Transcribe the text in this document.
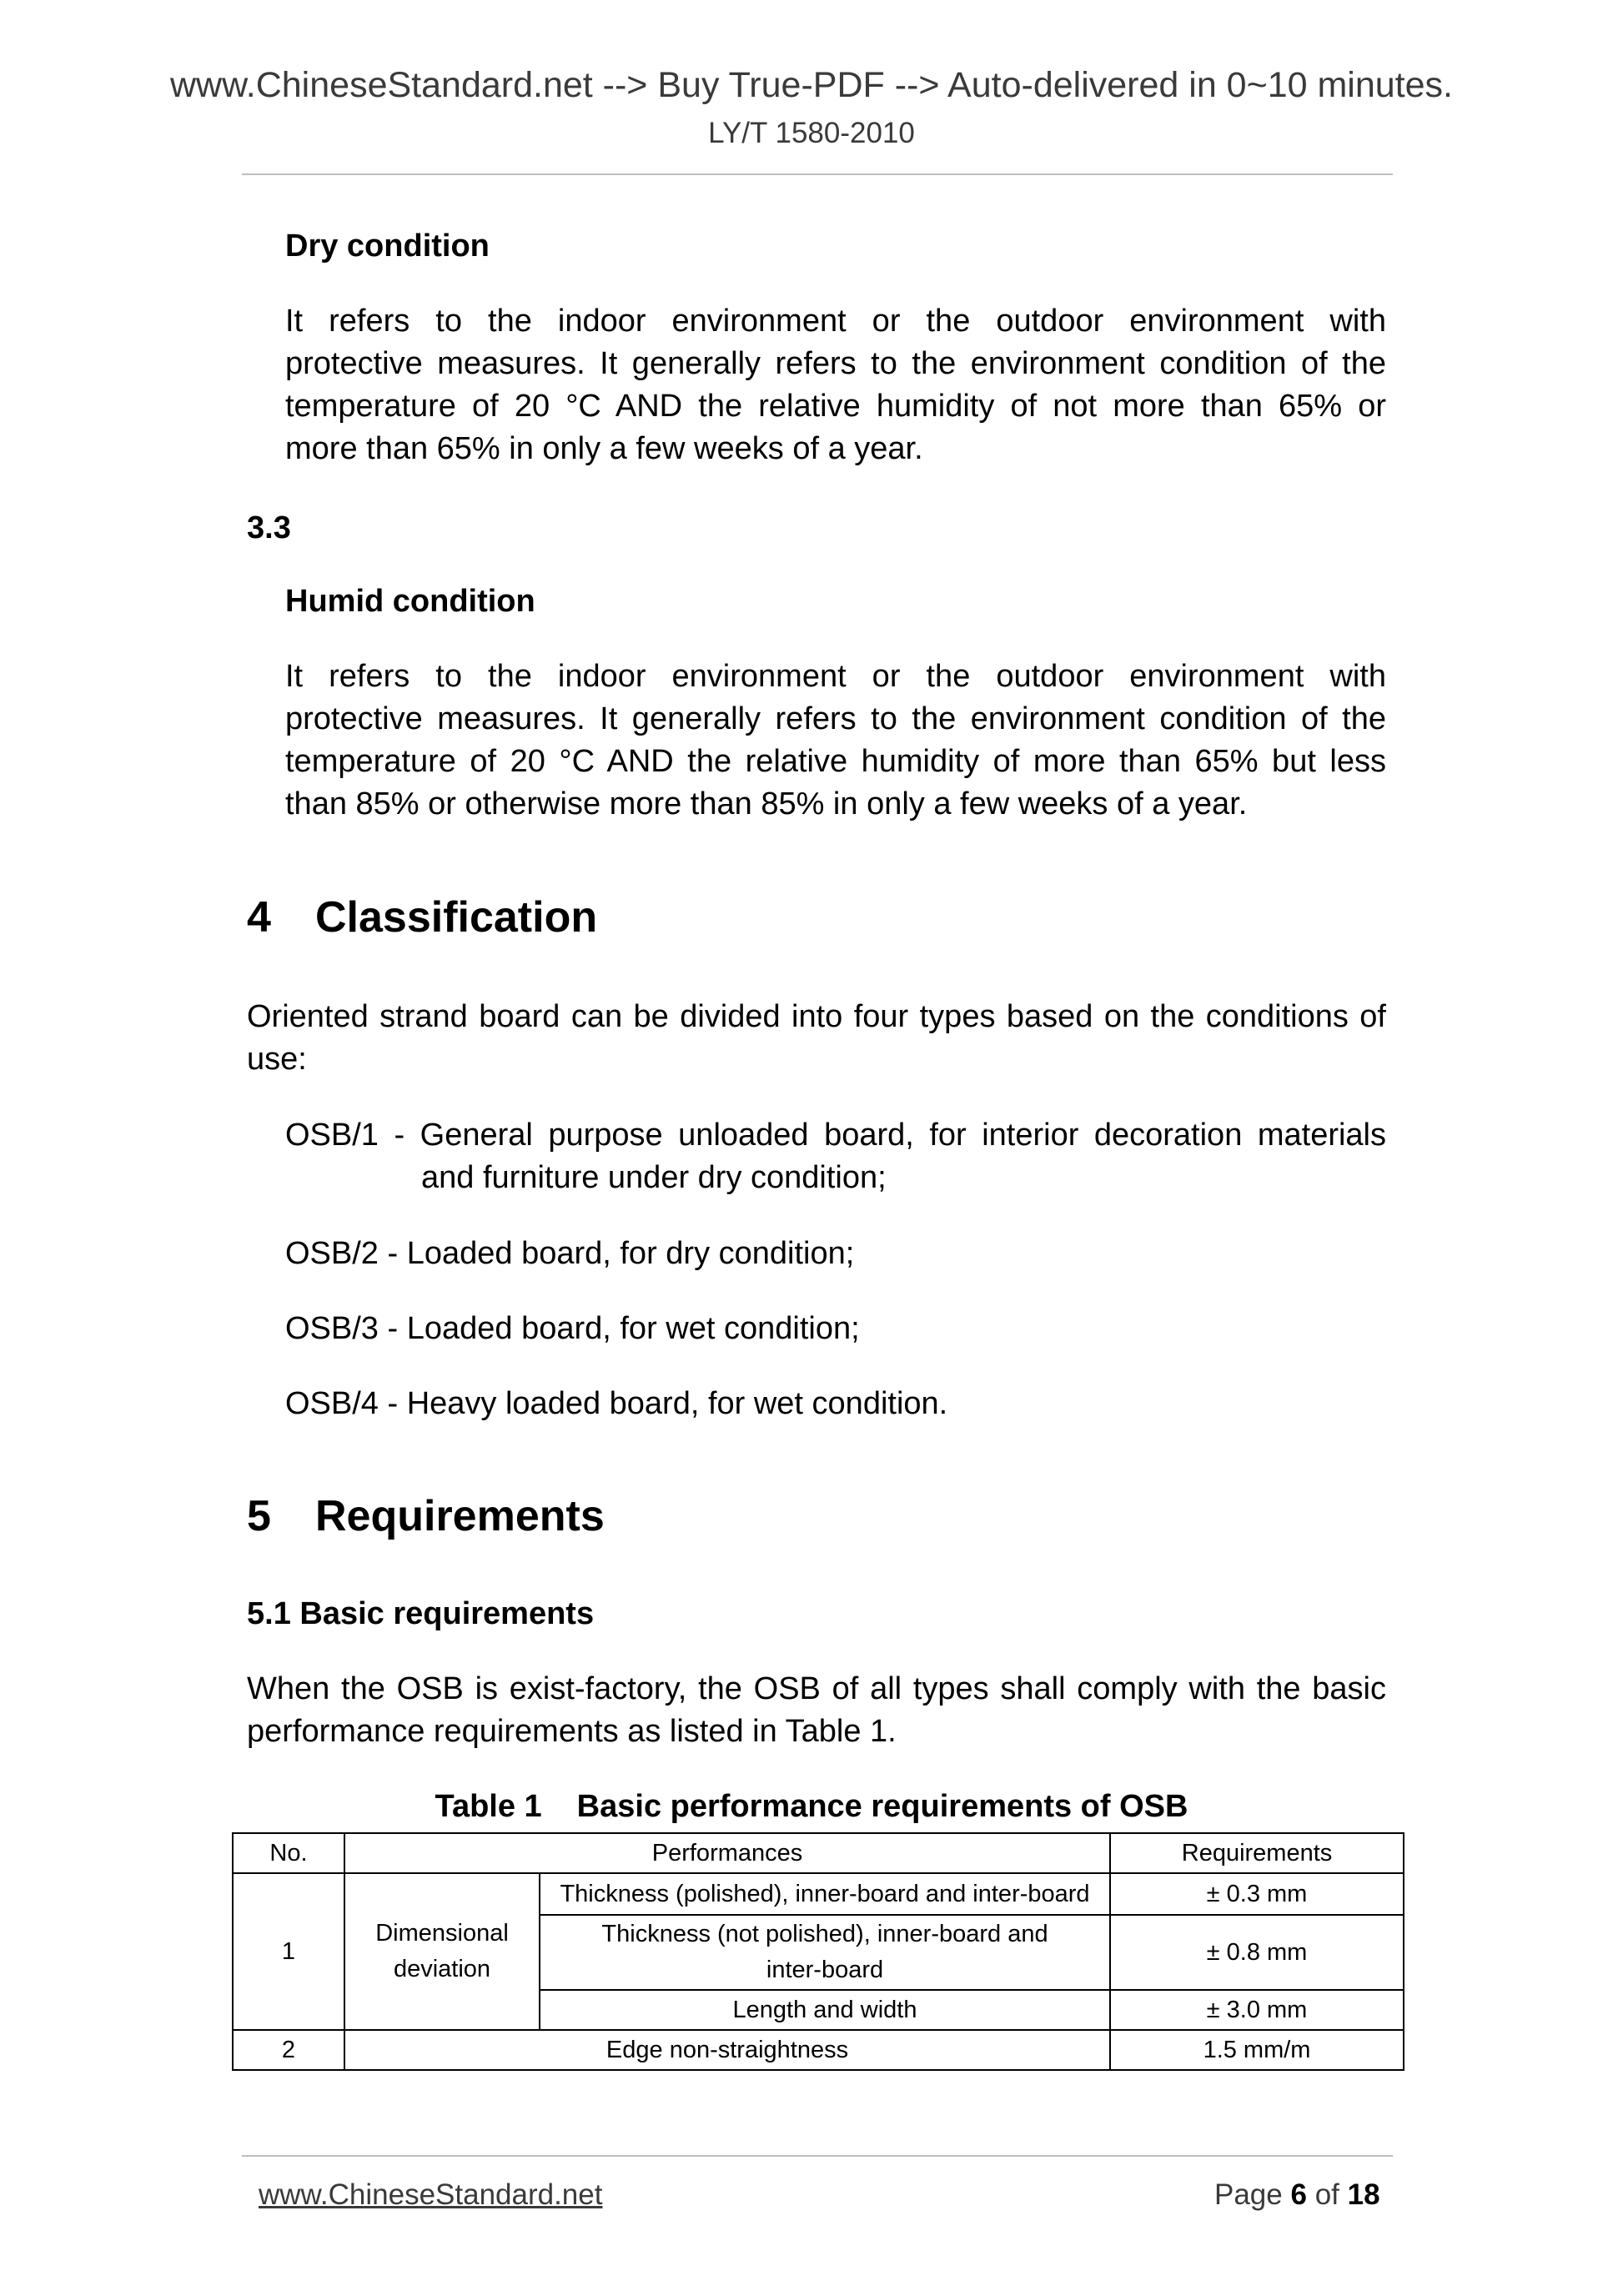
www.ChineseStandard.net --> Buy True-PDF --> Auto-delivered in 0~10 minutes.
LY/T 1580-2010
Dry condition
It refers to the indoor environment or the outdoor environment with
protective measures. It generally refers to the environment condition of the
temperature of 20 °C AND the relative humidity of not more than 65% or
more than 65% in only a few weeks of a year.
3.3
Humid condition
It refers to the indoor environment or the outdoor environment with
protective measures. It generally refers to the environment condition of the
temperature of 20 °C AND the relative humidity of more than 65% but less
than 85% or otherwise more than 85% in only a few weeks of a year.
4 Classification
Oriented strand board can be divided into four types based on the conditions of
use:
OSB/1 - General purpose unloaded board, for interior decoration materials
and furniture under dry condition;
OSB/2 - Loaded board, for dry condition;
OSB/3 - Loaded board, for wet condition;
OSB/4 - Heavy loaded board, for wet condition.
5 Requirements
5.1 Basic requirements
When the OSB is exist-factory, the OSB of all types shall comply with the basic
performance requirements as listed in Table 1.
Table 1 Basic performance requirements of OSB
No.	Performances		Requirements
1	Dimensional deviation	Thickness (polished), inner-board and inter-board	± 0.3 mm
		Thickness (not polished), inner-board and inter-board	± 0.8 mm
		Length and width	± 3.0 mm
2	Edge non-straightness		1.5 mm/m
www.ChineseStandard.net	Page 6 of 18
